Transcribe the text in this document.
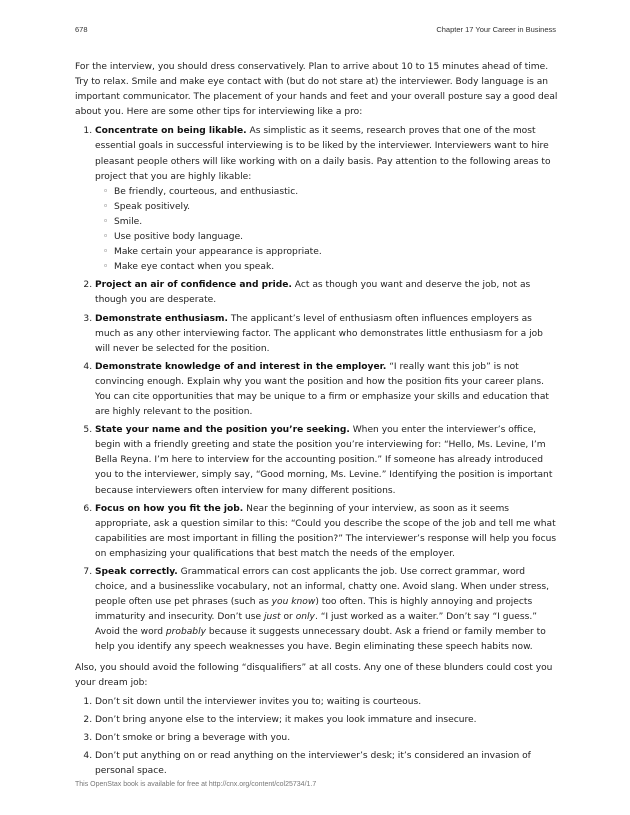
678	Chapter 17 Your Career in Business

For the interview, you should dress conservatively. Plan to arrive about 10 to 15 minutes ahead of time. Try to relax. Smile and make eye contact with (but do not stare at) the interviewer. Body language is an important communicator. The placement of your hands and feet and your overall posture say a good deal about you. Here are some other tips for interviewing like a pro:

1. Concentrate on being likable. As simplistic as it seems, research proves that one of the most essential goals in successful interviewing is to be liked by the interviewer. Interviewers want to hire pleasant people others will like working with on a daily basis. Pay attention to the following areas to project that you are highly likable:
◦ Be friendly, courteous, and enthusiastic.
◦ Speak positively.
◦ Smile.
◦ Use positive body language.
◦ Make certain your appearance is appropriate.
◦ Make eye contact when you speak.
2. Project an air of confidence and pride. Act as though you want and deserve the job, not as though you are desperate.
3. Demonstrate enthusiasm. The applicant’s level of enthusiasm often influences employers as much as any other interviewing factor. The applicant who demonstrates little enthusiasm for a job will never be selected for the position.
4. Demonstrate knowledge of and interest in the employer. “I really want this job” is not convincing enough. Explain why you want the position and how the position fits your career plans. You can cite opportunities that may be unique to a firm or emphasize your skills and education that are highly relevant to the position.
5. State your name and the position you’re seeking. When you enter the interviewer’s office, begin with a friendly greeting and state the position you’re interviewing for: “Hello, Ms. Levine, I’m Bella Reyna. I’m here to interview for the accounting position.” If someone has already introduced you to the interviewer, simply say, “Good morning, Ms. Levine.” Identifying the position is important because interviewers often interview for many different positions.
6. Focus on how you fit the job. Near the beginning of your interview, as soon as it seems appropriate, ask a question similar to this: “Could you describe the scope of the job and tell me what capabilities are most important in filling the position?” The interviewer’s response will help you focus on emphasizing your qualifications that best match the needs of the employer.
7. Speak correctly. Grammatical errors can cost applicants the job. Use correct grammar, word choice, and a businesslike vocabulary, not an informal, chatty one. Avoid slang. When under stress, people often use pet phrases (such as you know) too often. This is highly annoying and projects immaturity and insecurity. Don’t use just or only. “I just worked as a waiter.” Don’t say “I guess.” Avoid the word probably because it suggests unnecessary doubt. Ask a friend or family member to help you identify any speech weaknesses you have. Begin eliminating these speech habits now.

Also, you should avoid the following “disqualifiers” at all costs. Any one of these blunders could cost you your dream job:

1. Don’t sit down until the interviewer invites you to; waiting is courteous.
2. Don’t bring anyone else to the interview; it makes you look immature and insecure.
3. Don’t smoke or bring a beverage with you.
4. Don’t put anything on or read anything on the interviewer’s desk; it’s considered an invasion of personal space.
This OpenStax book is available for free at http://cnx.org/content/col25734/1.7
